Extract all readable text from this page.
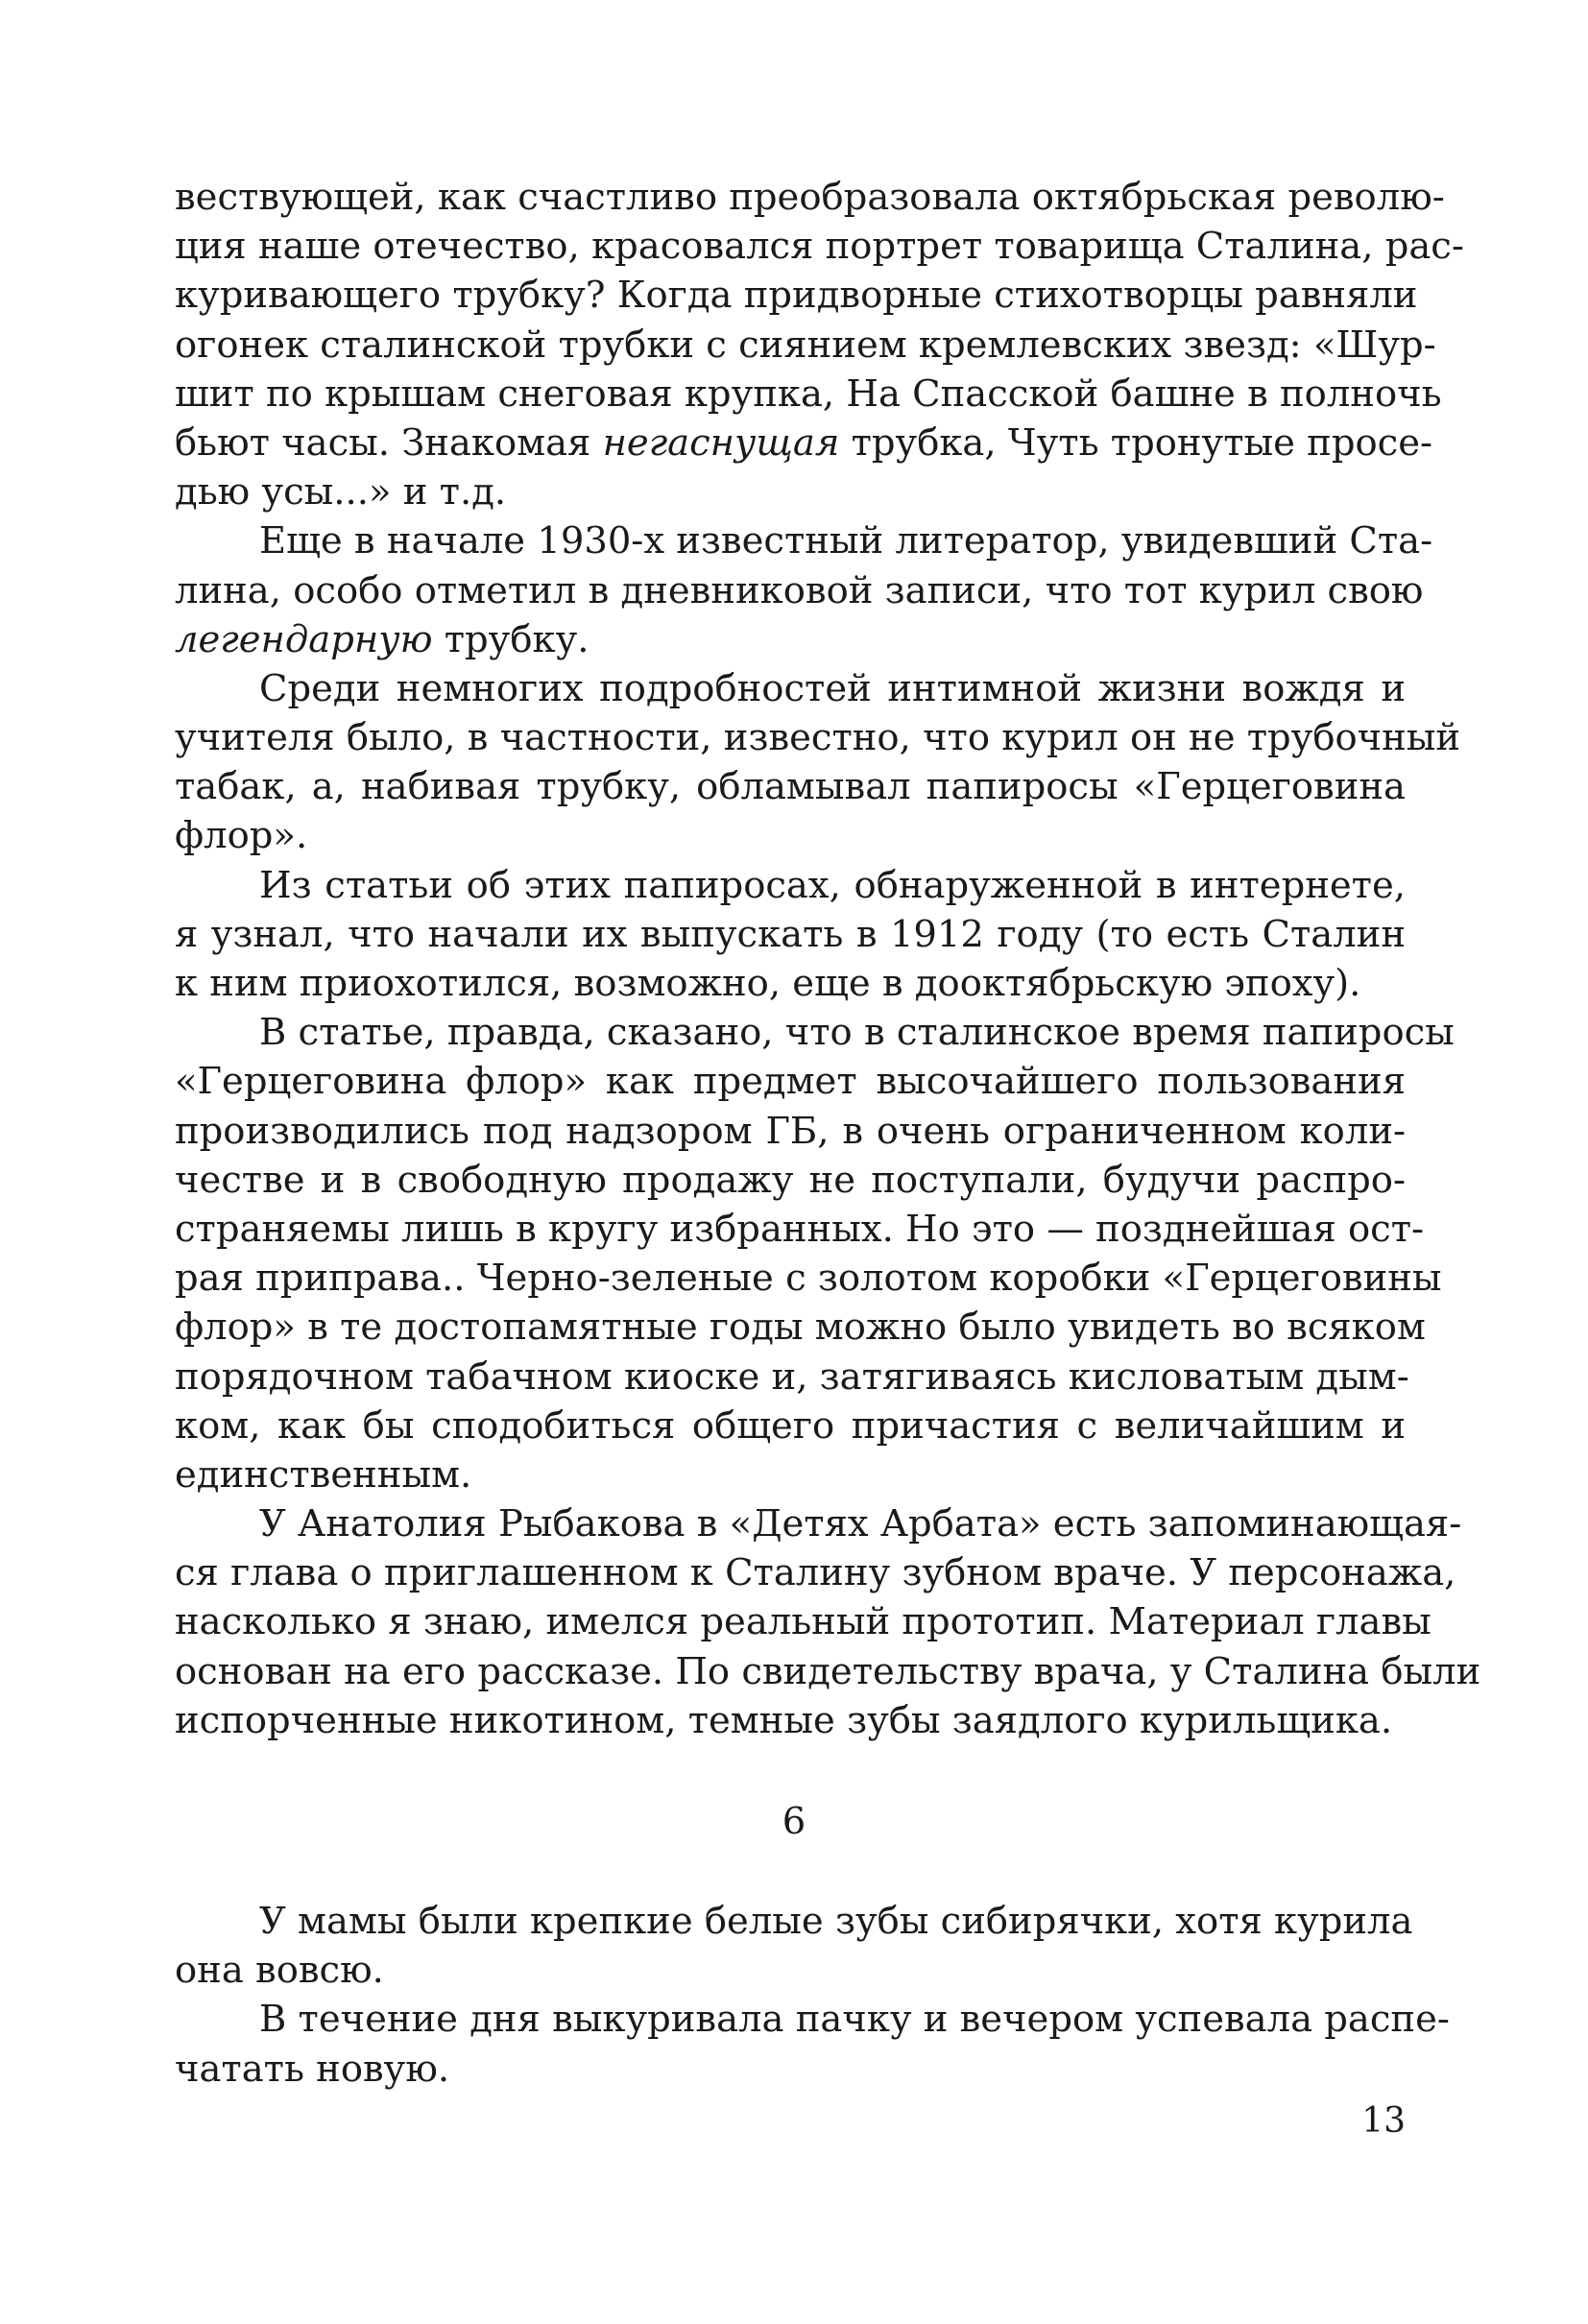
вествующей, как счастливо преобразовала октябрьская револю-
ция наше отечество, красовался портрет товарища Сталина, рас-
куривающего трубку? Когда придворные стихотворцы равняли
огонек сталинской трубки с сиянием кремлевских звезд: «Шур-
шит по крышам снеговая крупка, На Спасской башне в полночь
бьют часы. Знакомая негаснущая трубка, Чуть тронутые просе-
дью усы...» и т.д.
Еще в начале 1930-х известный литератор, увидевший Ста-
лина, особо отметил в дневниковой записи, что тот курил свою
легендарную трубку.
Среди немногих подробностей интимной жизни вождя и
учителя было, в частности, известно, что курил он не трубочный
табак, а, набивая трубку, обламывал папиросы «Герцеговина
флор».
Из статьи об этих папиросах, обнаруженной в интернете,
я узнал, что начали их выпускать в 1912 году (то есть Сталин
к ним приохотился, возможно, еще в дооктябрьскую эпоху).
В статье, правда, сказано, что в сталинское время папиросы
«Герцеговина флор» как предмет высочайшего пользования
производились под надзором ГБ, в очень ограниченном коли-
честве и в свободную продажу не поступали, будучи распро-
страняемы лишь в кругу избранных. Но это — позднейшая ост-
рая приправа.. Черно-зеленые с золотом коробки «Герцеговины
флор» в те достопамятные годы можно было увидеть во всяком
порядочном табачном киоске и, затягиваясь кисловатым дым-
ком, как бы сподобиться общего причастия с величайшим и
единственным.
У Анатолия Рыбакова в «Детях Арбата» есть запоминающая-
ся глава о приглашенном к Сталину зубном враче. У персонажа,
насколько я знаю, имелся реальный прототип. Материал главы
основан на его рассказе. По свидетельству врача, у Сталина были
испорченные никотином, темные зубы заядлого курильщика.
6
У мамы были крепкие белые зубы сибирячки, хотя курила
она вовсю.
В течение дня выкуривала пачку и вечером успевала распе-
чатать новую.
13
